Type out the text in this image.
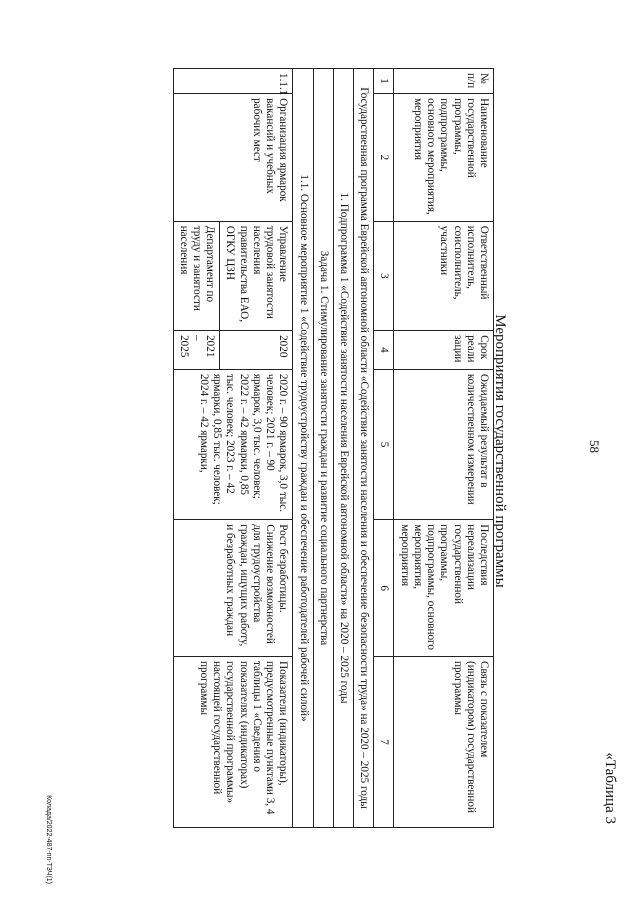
58
«Таблица 3
Мероприятия государственной программы
№ п/п	Наименование государственной программы, подпрограммы, основного мероприятия, мероприятия	Ответственный исполнитель, соисполнитель, участники	Срок реали зации	Ожидаемый результат в количественном измерении	Последствия нереализации государственной программы, подпрограммы, основного мероприятия, мероприятия	Связь с показателем (индикатором) государственной программы
1	2	3	4	5	6	7
Государственная программа Еврейской автономной области «Содействие занятости населения и обеспечение безопасности труда» на 2020 – 2025 годы						
1. Подпрограмма 1 «Содействие занятости населения Еврейской автономной области» на 2020 – 2025 годы						
Задача 1. Стимулирование занятости граждан и развитие социального партнерства						
1.1. Основное мероприятие 1 «Содействие трудоустройству граждан и обеспечение работодателей рабочей силой»						
1.1.1	Организация ярмарок вакансий и учебных рабочих мест	Управление трудовой занятости населения правительства ЕАО, ОГКУ ЦЗН	2020	2020 г. – 90 ярмарок, 3,0 тыс. человек; 2021 г. – 90 ярмарок, 3,0 тыс. человек; 2022 г. – 42 ярмарки, 0,85 тыс. человек; 2023 г. – 42 ярмарки, 0,85 тыс. человек; 2024 г. – 42 ярмарки,	Рост безработицы. Снижение возможностей для трудоустройства граждан, ищущих работу, и безработных граждан	Показатели (индикаторы), предусмотренные пунктами 3, 4 таблицы 1 «Сведения о показателях (индикаторах) государственной программы» настоящей государственной программы
		Департамент по труду и занятости населения	2021 – 2025			
Колада/2022-487-пп-Т3Ч(1)
